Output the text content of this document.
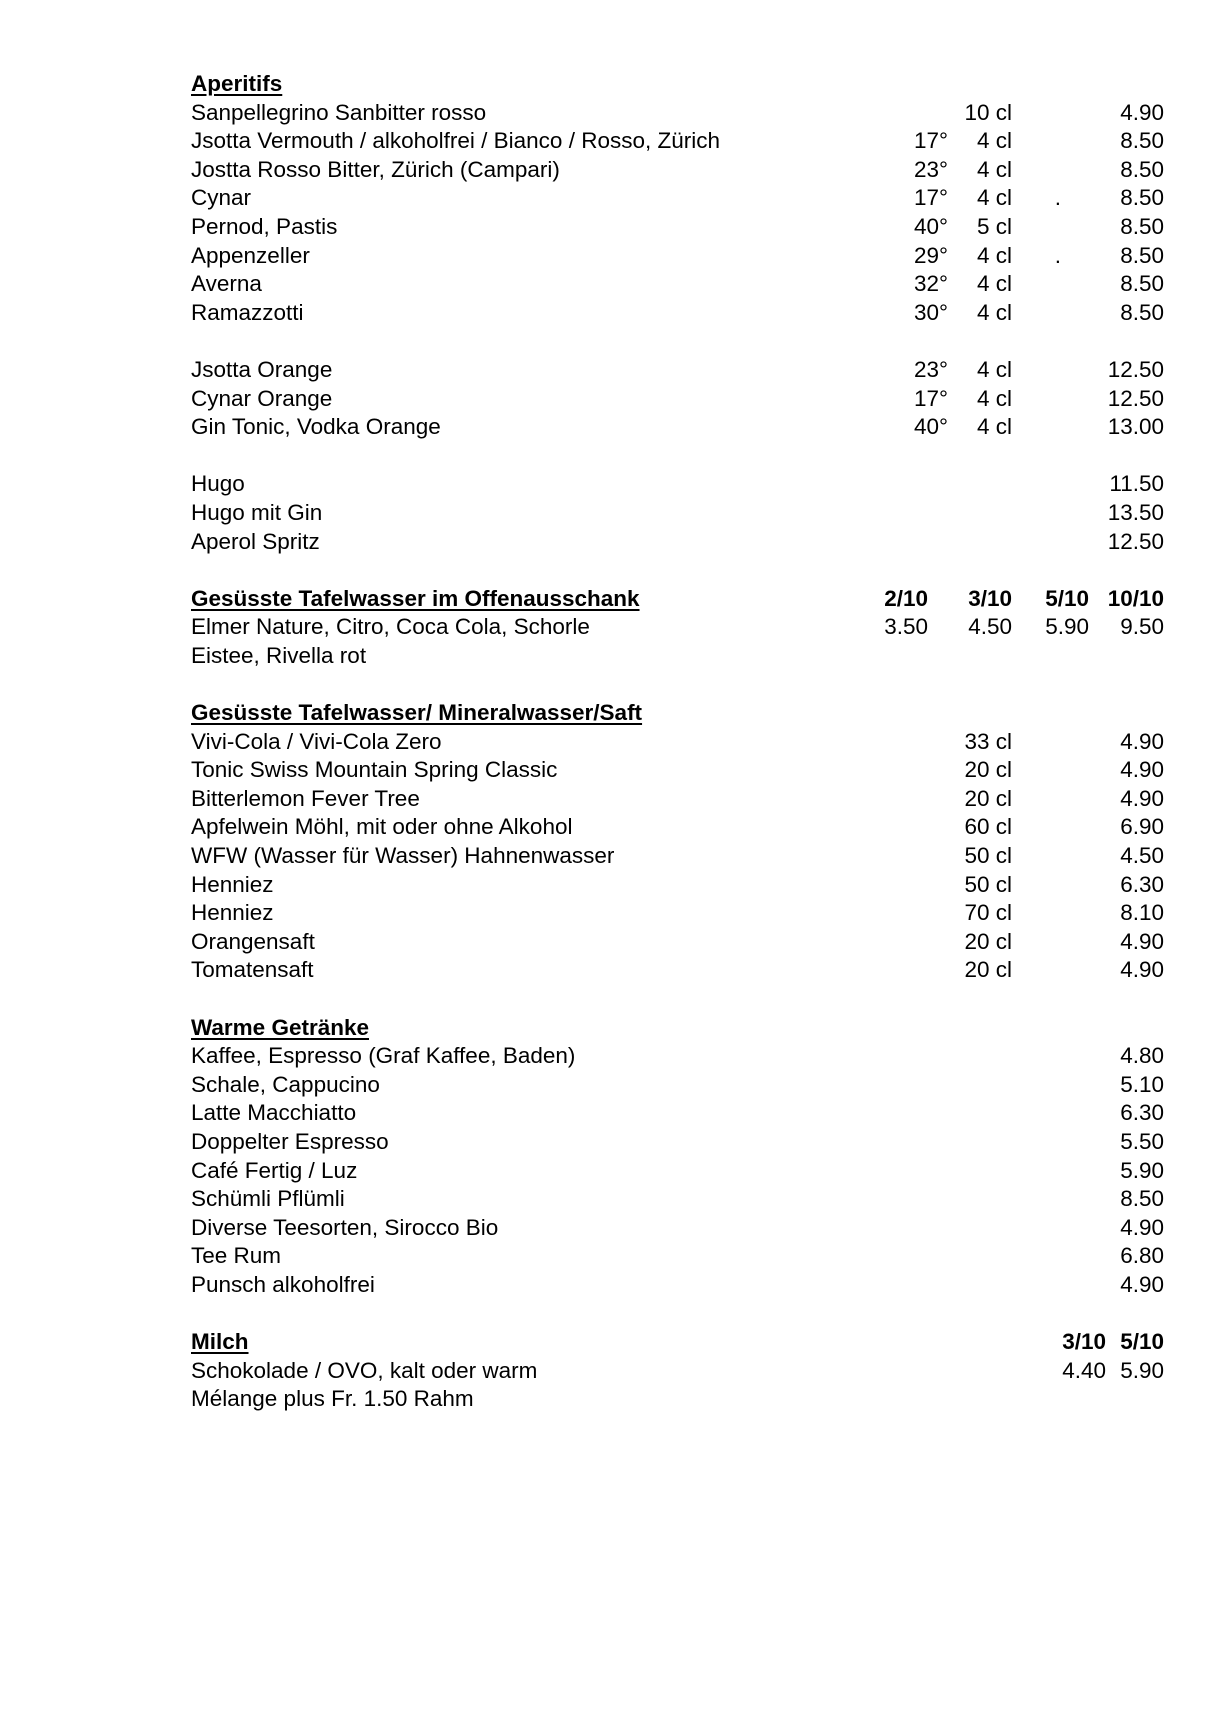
Aperitifs
Sanpellegrino Sanbitter rosso	10 cl	4.90
Jsotta Vermouth / alkoholfrei / Bianco / Rosso, Zürich	17° 4 cl	8.50
Jostta Rosso Bitter, Zürich (Campari)	23° 4 cl	8.50
Cynar	17° 4 cl .	8.50
Pernod, Pastis	40° 5 cl	8.50
Appenzeller	29° 4 cl .	8.50
Averna	32° 4 cl	8.50
Ramazzotti	30° 4 cl	8.50
Jsotta Orange	23° 4 cl	12.50
Cynar Orange	17° 4 cl	12.50
Gin Tonic, Vodka Orange	40° 4 cl	13.00
Hugo	11.50
Hugo mit Gin	13.50
Aperol Spritz	12.50
Gesüsste Tafelwasser im Offenausschank	2/10 3/10 5/10 10/10
Elmer Nature, Citro, Coca Cola, Schorle	3.50 4.50 5.90 9.50
Eistee, Rivella rot
Gesüsste Tafelwasser/ Mineralwasser/Saft
Vivi-Cola / Vivi-Cola Zero	33 cl	4.90
Tonic Swiss Mountain Spring Classic	20 cl	4.90
Bitterlemon Fever Tree	20 cl	4.90
Apfelwein Möhl, mit oder ohne Alkohol	60 cl	6.90
WFW (Wasser für Wasser) Hahnenwasser	50 cl	4.50
Henniez	50 cl	6.30
Henniez	70 cl	8.10
Orangensaft	20 cl	4.90
Tomatensaft	20 cl	4.90
Warme Getränke
Kaffee, Espresso (Graf Kaffee, Baden)	4.80
Schale, Cappucino	5.10
Latte Macchiatto	6.30
Doppelter Espresso	5.50
Café Fertig / Luz	5.90
Schümli Pflümli	8.50
Diverse Teesorten, Sirocco Bio	4.90
Tee Rum	6.80
Punsch alkoholfrei	4.90
Milch	3/10 5/10
Schokolade / OVO, kalt oder warm	4.40 5.90
Mélange plus Fr. 1.50 Rahm
